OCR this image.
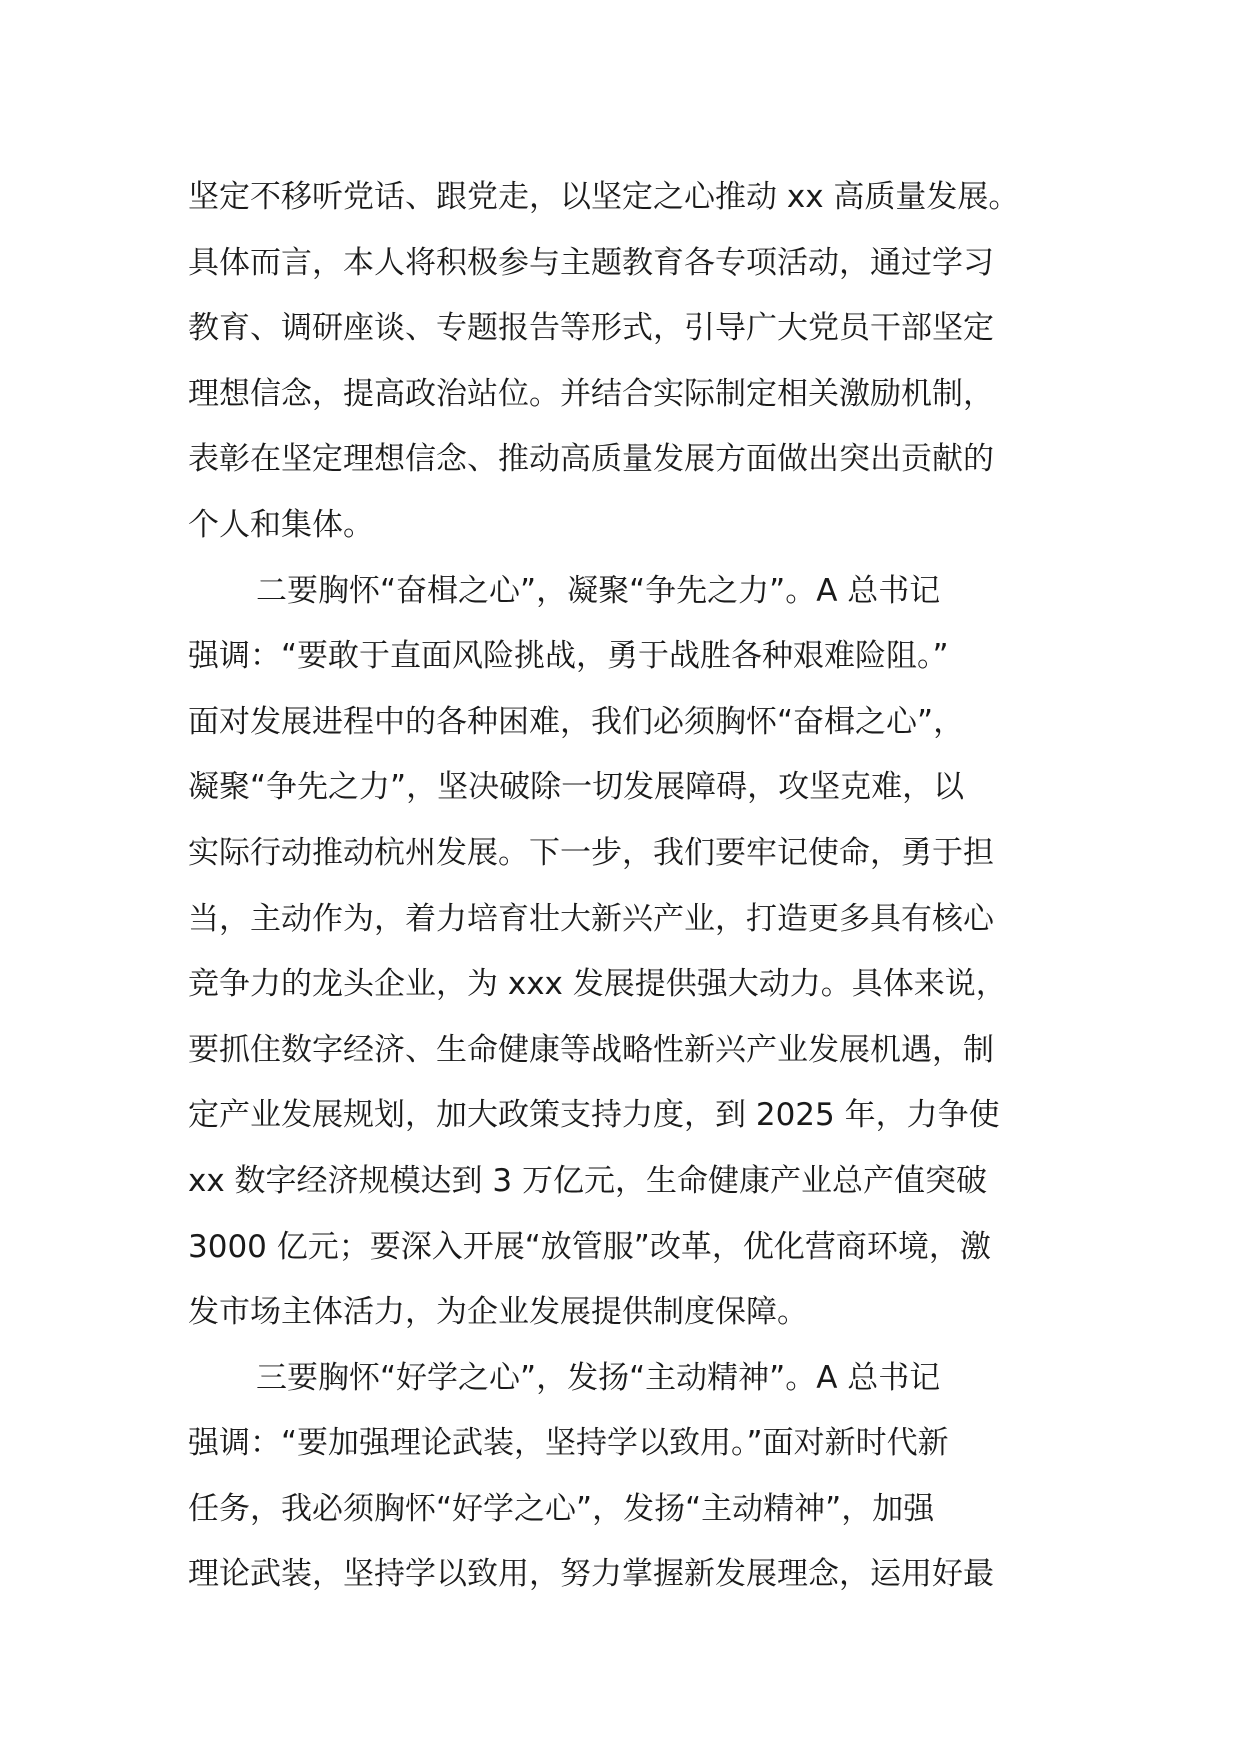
坚定不移听党话、跟党走，以坚定之心推动 xx 高质量发展。
具体而言，本人将积极参与主题教育各专项活动，通过学习
教育、调研座谈、专题报告等形式，引导广大党员干部坚定
理想信念，提高政治站位。并结合实际制定相关激励机制，
表彰在坚定理想信念、推动高质量发展方面做出突出贡献的
个人和集体。
二要胸怀“奋楫之心”，凝聚“争先之力”。A 总书记
强调：“要敢于直面风险挑战，勇于战胜各种艰难险阻。”
面对发展进程中的各种困难，我们必须胸怀“奋楫之心”，
凝聚“争先之力”，坚决破除一切发展障碍，攻坚克难，以
实际行动推动杭州发展。下一步，我们要牢记使命，勇于担
当，主动作为，着力培育壮大新兴产业，打造更多具有核心
竞争力的龙头企业，为 xxx 发展提供强大动力。具体来说，
要抓住数字经济、生命健康等战略性新兴产业发展机遇，制
定产业发展规划，加大政策支持力度，到 2025 年，力争使
xx 数字经济规模达到 3 万亿元，生命健康产业总产值突破
3000 亿元；要深入开展“放管服”改革，优化营商环境，激
发市场主体活力，为企业发展提供制度保障。
三要胸怀“好学之心”，发扬“主动精神”。A 总书记
强调：“要加强理论武装，坚持学以致用。”面对新时代新
任务，我必须胸怀“好学之心”，发扬“主动精神”，加强
理论武装，坚持学以致用，努力掌握新发展理念，运用好最
